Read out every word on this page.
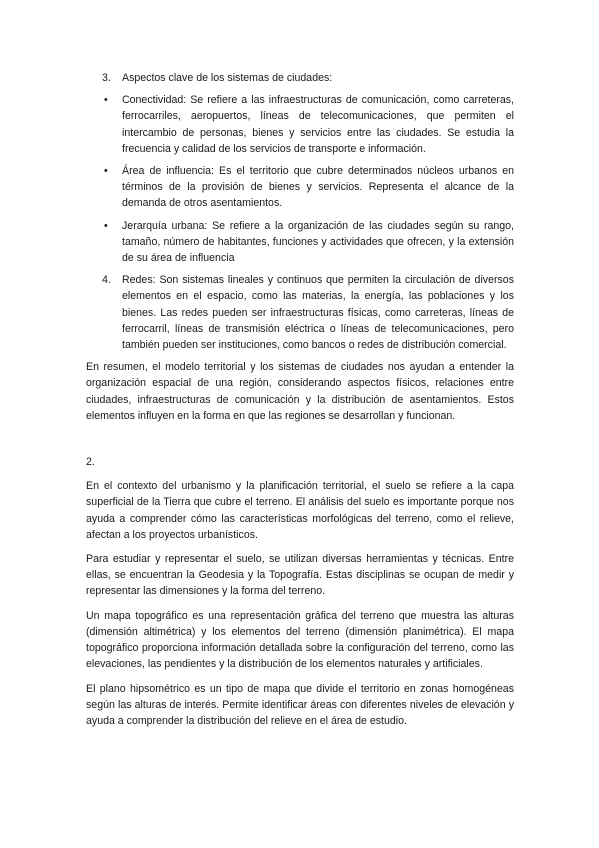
3.	Aspectos clave de los sistemas de ciudades:
•	Conectividad: Se refiere a las infraestructuras de comunicación, como carreteras, ferrocarriles, aeropuertos, líneas de telecomunicaciones, que permiten el intercambio de personas, bienes y servicios entre las ciudades. Se estudia la frecuencia y calidad de los servicios de transporte e información.
•	Área de influencia: Es el territorio que cubre determinados núcleos urbanos en términos de la provisión de bienes y servicios. Representa el alcance de la demanda de otros asentamientos.
•	Jerarquía urbana: Se refiere a la organización de las ciudades según su rango, tamaño, número de habitantes, funciones y actividades que ofrecen, y la extensión de su área de influencia
4.	Redes: Son sistemas lineales y continuos que permiten la circulación de diversos elementos en el espacio, como las materias, la energía, las poblaciones y los bienes. Las redes pueden ser infraestructuras físicas, como carreteras, líneas de ferrocarril, líneas de transmisión eléctrica o líneas de telecomunicaciones, pero también pueden ser instituciones, como bancos o redes de distribución comercial.

En resumen, el modelo territorial y los sistemas de ciudades nos ayudan a entender la organización espacial de una región, considerando aspectos físicos, relaciones entre ciudades, infraestructuras de comunicación y la distribución de asentamientos. Estos elementos influyen en la forma en que las regiones se desarrollan y funcionan.

2.

En el contexto del urbanismo y la planificación territorial, el suelo se refiere a la capa superficial de la Tierra que cubre el terreno. El análisis del suelo es importante porque nos ayuda a comprender cómo las características morfológicas del terreno, como el relieve, afectan a los proyectos urbanísticos.

Para estudiar y representar el suelo, se utilizan diversas herramientas y técnicas. Entre ellas, se encuentran la Geodesia y la Topografía. Estas disciplinas se ocupan de medir y representar las dimensiones y la forma del terreno.

Un mapa topográfico es una representación gráfica del terreno que muestra las alturas (dimensión altimétrica) y los elementos del terreno (dimensión planimétrica). El mapa topográfico proporciona información detallada sobre la configuración del terreno, como las elevaciones, las pendientes y la distribución de los elementos naturales y artificiales.

El plano hipsométrico es un tipo de mapa que divide el territorio en zonas homogéneas según las alturas de interés. Permite identificar áreas con diferentes niveles de elevación y ayuda a comprender la distribución del relieve en el área de estudio.
